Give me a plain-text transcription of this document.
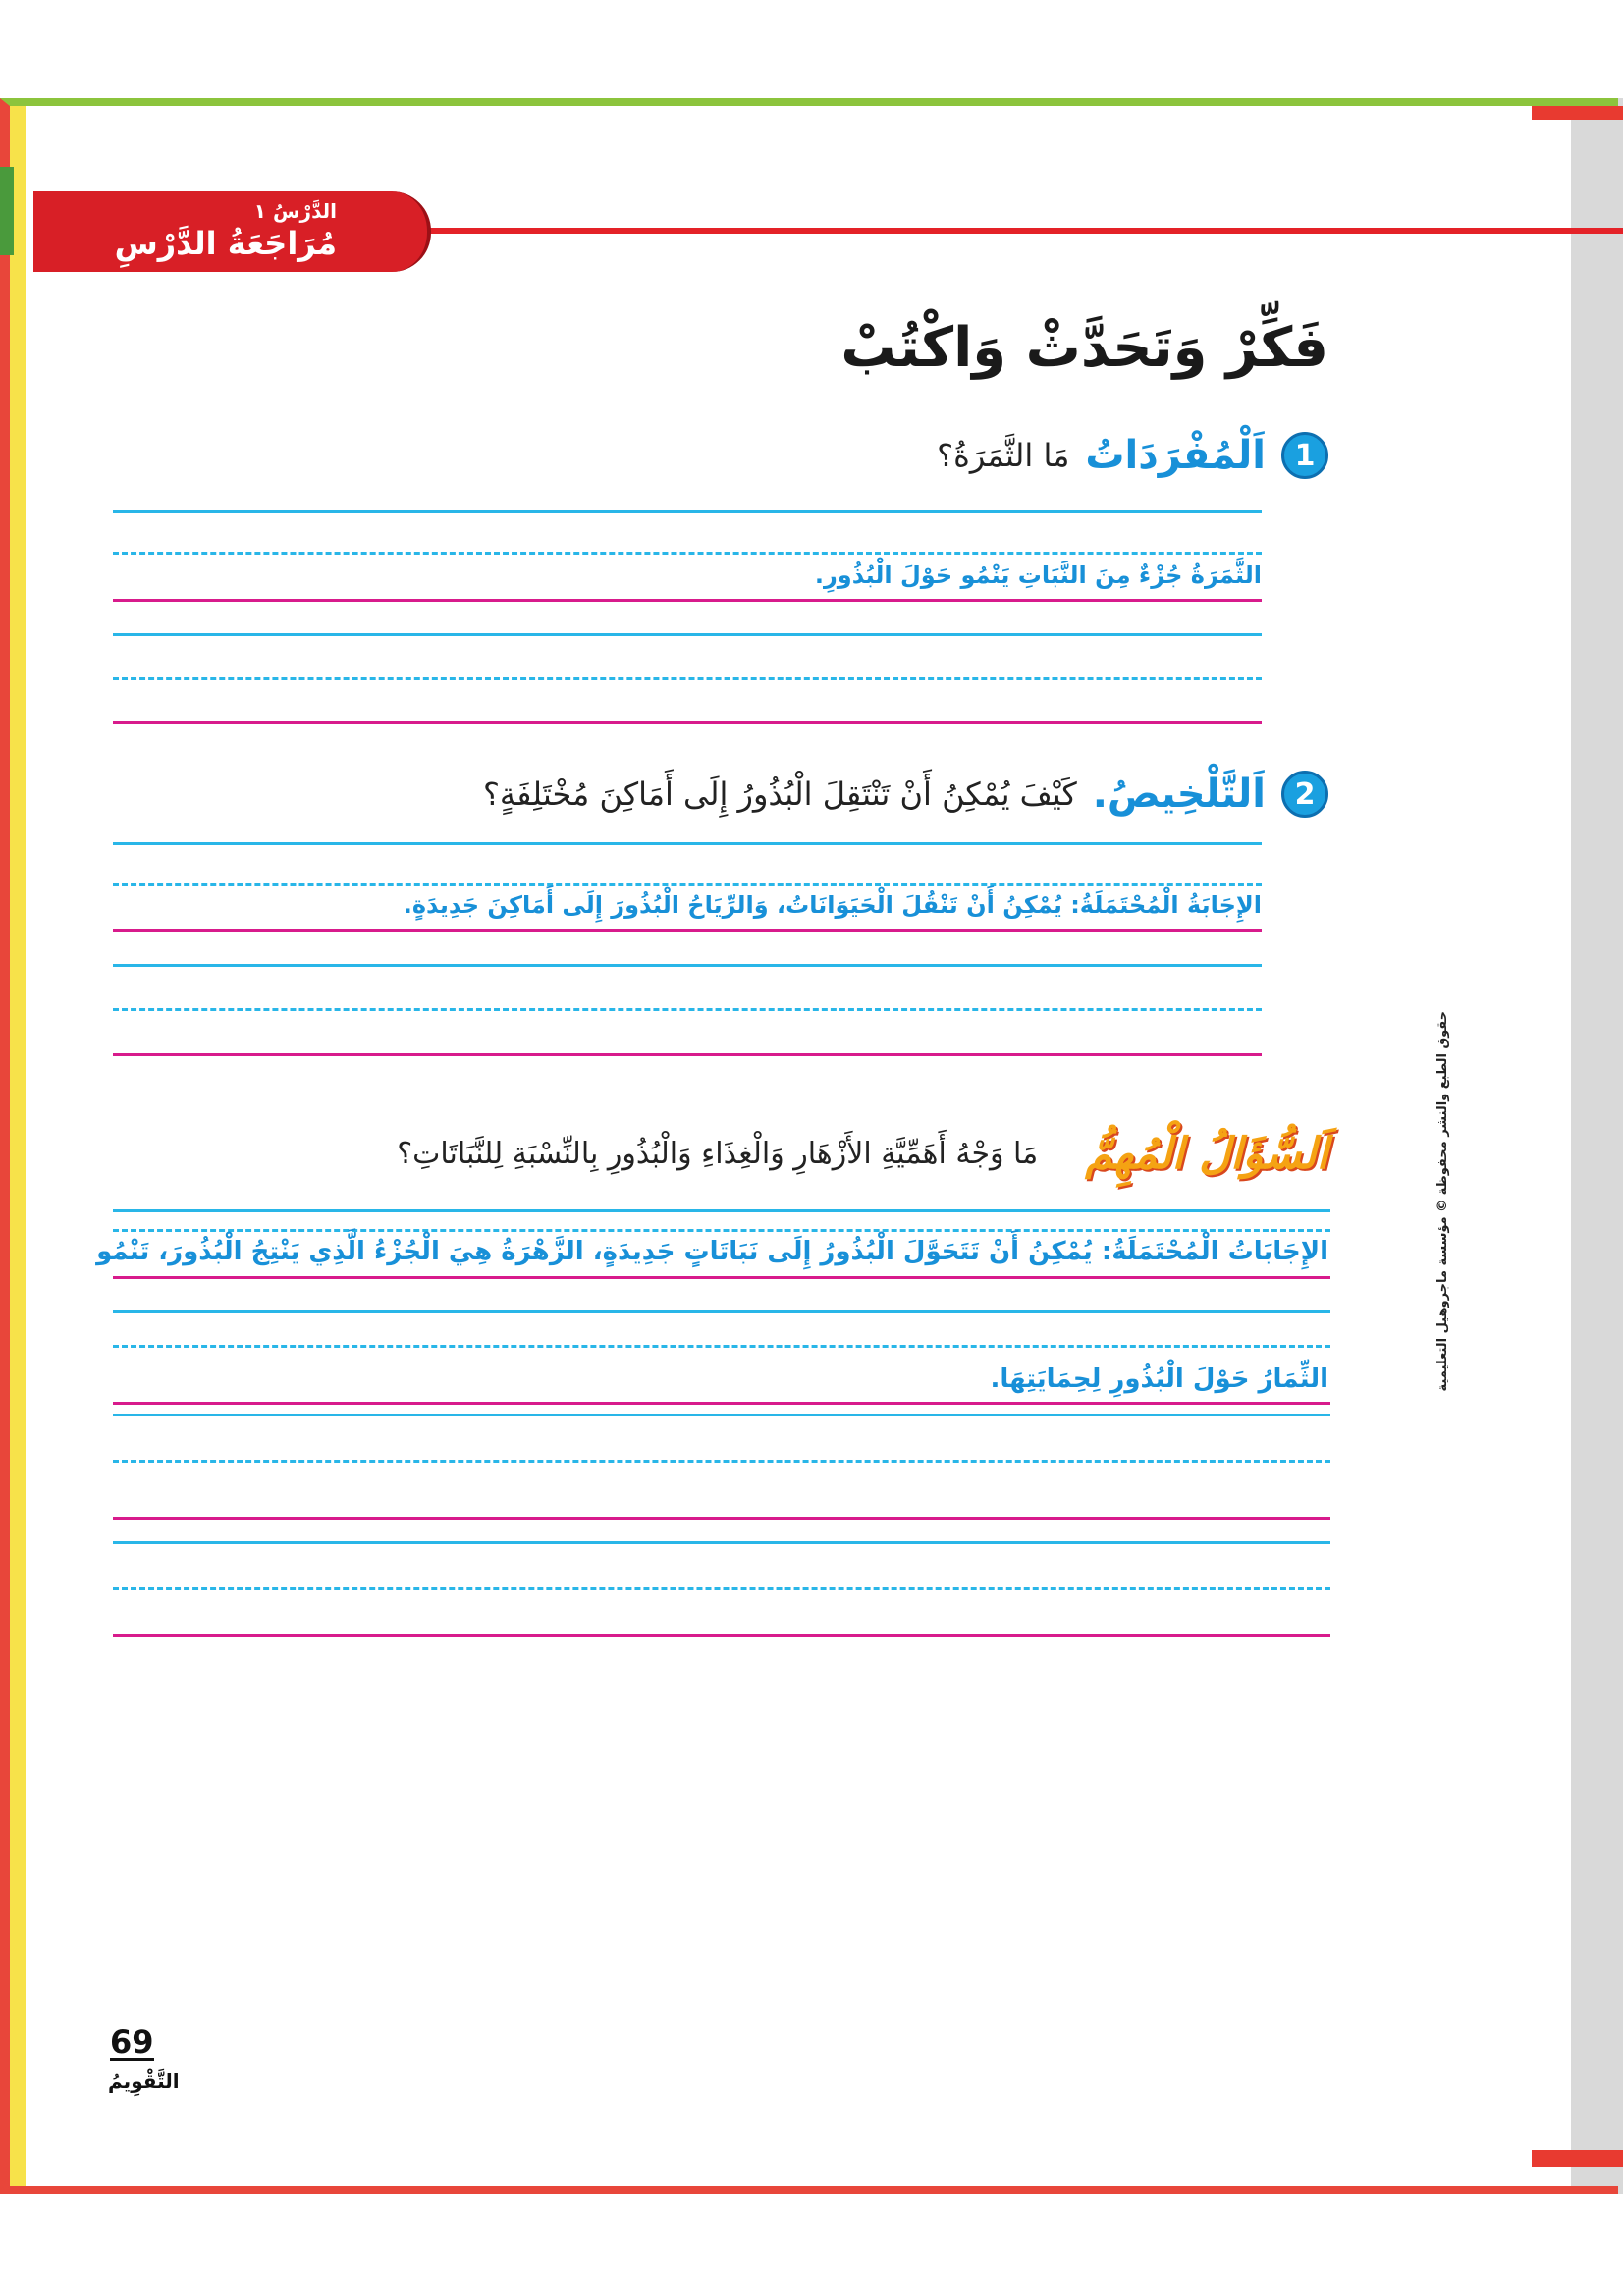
الدَّرْسُ ١
مُرَاجَعَةُ الدَّرْسِ
فَكِّرْ وَتَحَدَّثْ وَاكْتُبْ
1
اَلْمُفْرَدَاتُ
مَا الثَّمَرَةُ؟
الثَّمَرَةُ جُزْءٌ مِنَ النَّبَاتِ يَنْمُو حَوْلَ الْبُذُورِ.
2
اَلتَّلْخِيصُ.
كَيْفَ يُمْكِنُ أَنْ تَنْتَقِلَ الْبُذُورُ إِلَى أَمَاكِنَ مُخْتَلِفَةٍ؟
الإِجَابَةُ الْمُحْتَمَلَةُ: يُمْكِنُ أَنْ تَنْقُلَ الْحَيَوَانَاتُ، وَالرِّيَاحُ الْبُذُورَ إِلَى أَمَاكِنَ جَدِيدَةٍ.
اَلسُّؤَالُ الْمُهِمُّ
مَا وَجْهُ أَهَمِّيَّةِ الأَزْهَارِ وَالْغِذَاءِ وَالْبُذُورِ بِالنِّسْبَةِ لِلنَّبَاتَاتِ؟
الإِجَابَاتُ الْمُحْتَمَلَةُ: يُمْكِنُ أَنْ تَتَحَوَّلَ الْبُذُورُ إِلَى نَبَاتَاتٍ جَدِيدَةٍ، الزَّهْرَةُ هِيَ الْجُزْءُ الَّذِي يَنْتِجُ الْبُذُورَ، تَنْمُو
الثِّمَارُ حَوْلَ الْبُذُورِ لِحِمَايَتِهَا.	حقوق الطبع والنشر محفوظة © مؤسسة ماجروهيل التعليمية
69
التَّقْوِيمُ
